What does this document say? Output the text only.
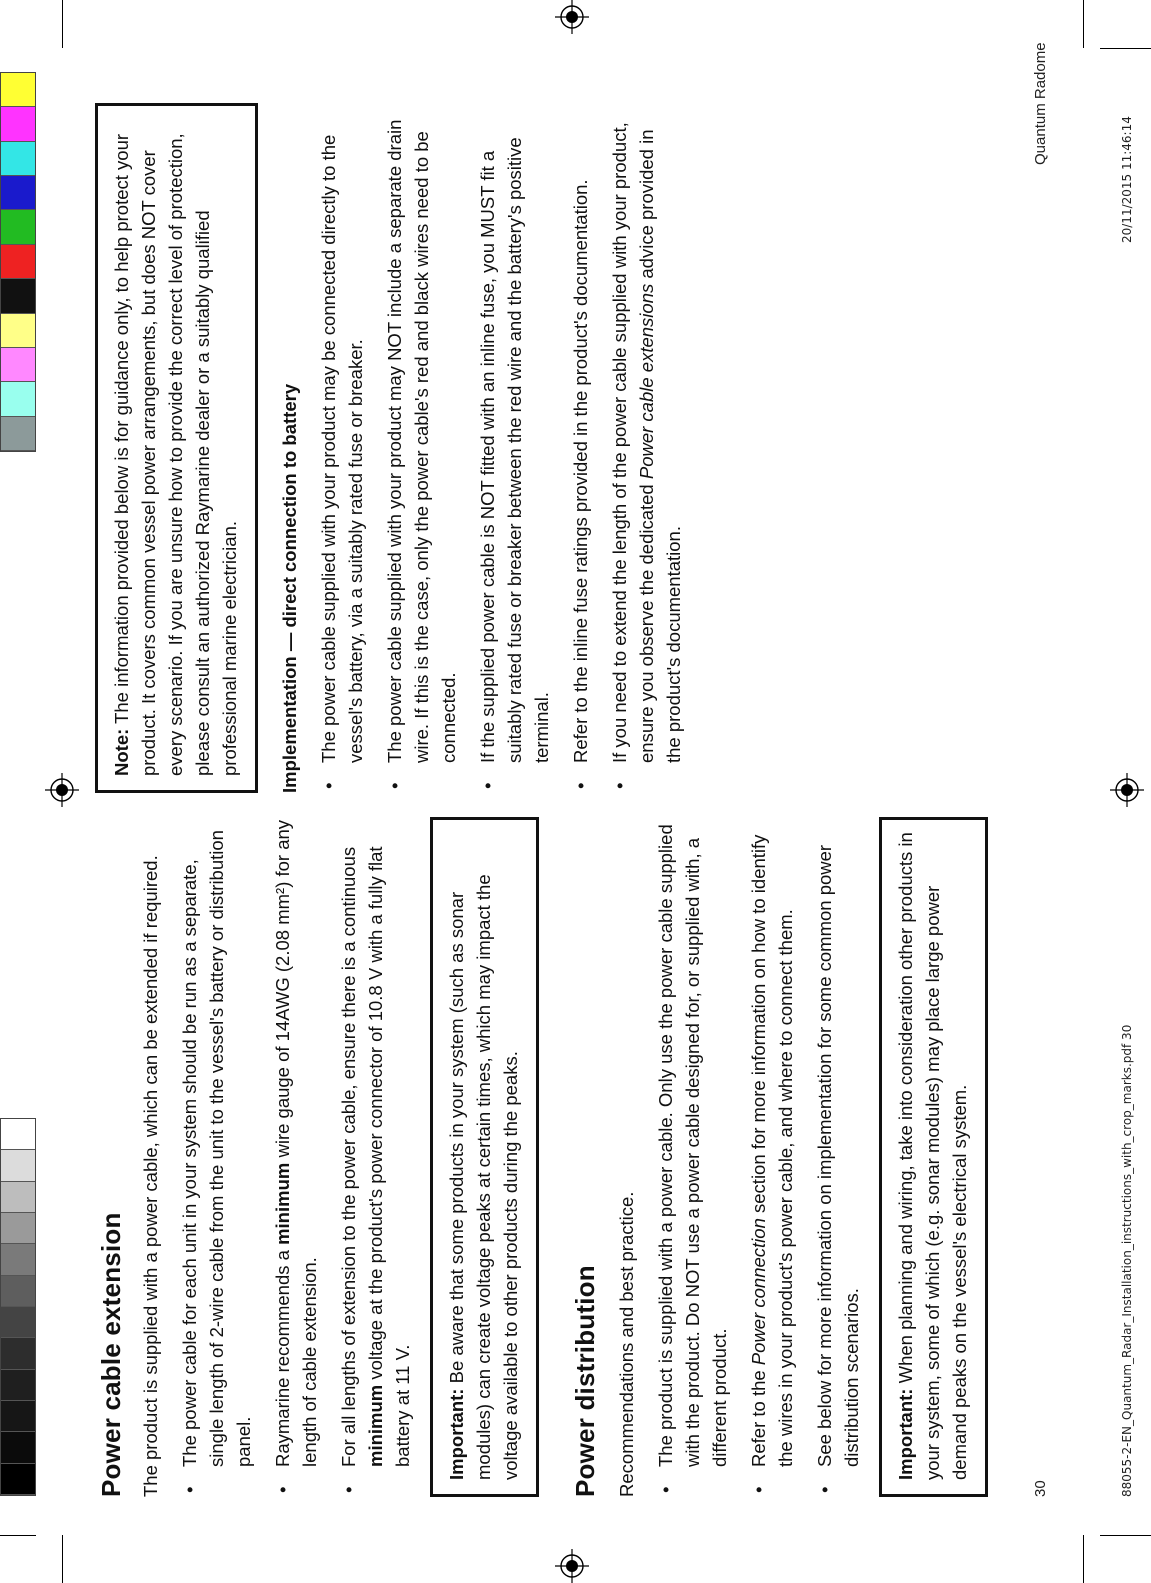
Power cable extension The product is supplied with a power cable, which can be extended if required. •
The power cable for each unit in your system should be run as a separate, single length of 2-wire cable from the unit to the vessel's battery or distribution panel.

•
Raymarine recommends a minimum wire gauge of 14AWG (2.08 mm²) for any length of cable extension.

•
For all lengths of extension to the power cable, ensure there is a continuous minimum voltage at the product's power connector of 10.8 V with a fully flat battery at 11 V.	Important: Be aware that some products in your system (such as sonar modules) can create voltage peaks at certain times, which may impact the voltage available to other products during the peaks.	Power distribution Recommendations and best practice. •
The product is supplied with a power cable. Only use the power cable supplied with the product. Do NOT use a power cable designed for, or supplied with, a different product.

•
Refer to the Power connection section for more information on how to identify the wires in your product's power cable, and where to connect them.

•
See below for more information on implementation for some common power distribution scenarios.	Important: When planning and wiring, take into consideration other products in your system, some of which (e.g. sonar modules) may place large power demand peaks on the vessel's electrical system.
Note: The information provided below is for guidance only, to help protect your product. It covers common vessel power arrangements, but does NOT cover every scenario. If you are unsure how to provide the correct level of protection, please consult an authorized Raymarine dealer or a suitably qualified professional marine electrician.	Implementation — direct connection to battery •
The power cable supplied with your product may be connected directly to the vessel's battery, via a suitably rated fuse or breaker.

•
The power cable supplied with your product may NOT include a separate drain wire. If this is the case, only the power cable's red and black wires need to be connected.

•
If the supplied power cable is NOT fitted with an inline fuse, you MUST fit a suitably rated fuse or breaker between the red wire and the battery's positive terminal.

•
Refer to the inline fuse ratings provided in the product's documentation.

•
If you need to extend the length of the power cable supplied with your product, ensure you observe the dedicated Power cable extensions advice provided in the product's documentation.

30
Quantum Radome
88055-2-EN_Quantum_Radar_Installation_instructions_with_crop_marks.pdf 30
20/11/2015 11:46:14
